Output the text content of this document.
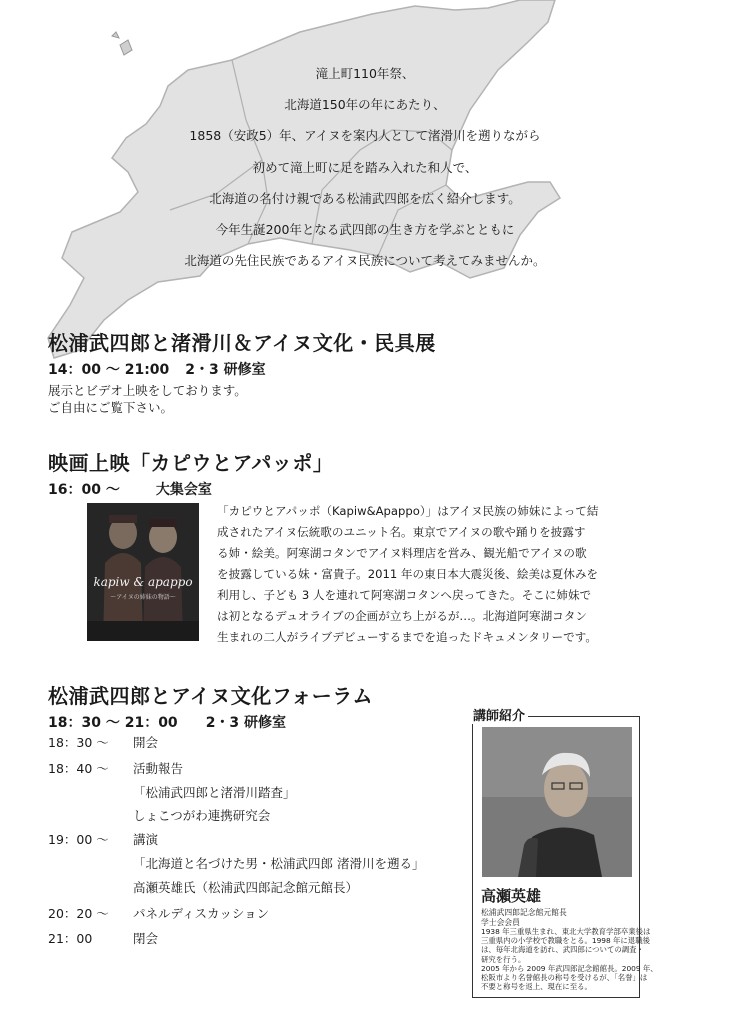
滝上町110年祭、
北海道150年の年にあたり、
1858（安政5）年、アイヌを案内人として渚滑川を遡りながら
初めて滝上町に足を踏み入れた和人で、
北海道の名付け親である松浦武四郎を広く紹介します。
今年生誕200年となる武四郎の生き方を学ぶとともに
北海道の先住民族であるアイヌ民族について考えてみませんか。
松浦武四郎と渚滑川＆アイヌ文化・民具展
14：00 ～ 21:00 2・3 研修室
展示とビデオ上映をしております。
ご自由にご覧下さい。
映画上映「カピウとアパッポ」
16：00 ～	大集会室
kapiw & apappo
～アイヌの姉妹の物語～
「カピウとアパッポ（Kapiw&Apappo）」はアイヌ民族の姉妹によって結
成されたアイヌ伝統歌のユニット名。東京でアイヌの歌や踊りを披露す
る姉・絵美。阿寒湖コタンでアイヌ料理店を営み、観光船でアイヌの歌
を披露している妹・富貴子。2011 年の東日本大震災後、絵美は夏休みを
利用し、子ども 3 人を連れて阿寒湖コタンへ戻ってきた。そこに姉妹で
は初となるデュオライブの企画が立ち上がるが…。北海道阿寒湖コタン
生まれの二人がライブデビューするまでを追ったドキュメンタリーです。
松浦武四郎とアイヌ文化フォーラム
18：30 ～ 21：00 2・3 研修室
18：30 ～	開会
18：40 ～	活動報告
「松浦武四郎と渚滑川踏査」
しょこつがわ連携研究会
19：00 ～	講演
「北海道と名づけた男・松浦武四郎 渚滑川を遡る」
高瀬英雄氏（松浦武四郎記念館元館長）
20：20 ～	パネルディスカッション
21：00	閉会
講師紹介
高瀬英雄
松浦武四郎記念館元館長
学士会会員
1938 年三重県生まれ、東北大学教育学部卒業後は
三重県内の小学校で教職をとる。1998 年に退職後
は、毎年北海道を訪れ、武四郎についての調査・
研究を行う。
2005 年から 2009 年武四郎記念館館長。2009 年、
松阪市より名誉館長の称号を受けるが、「名誉」は
不要と称号を返上、現在に至る。
